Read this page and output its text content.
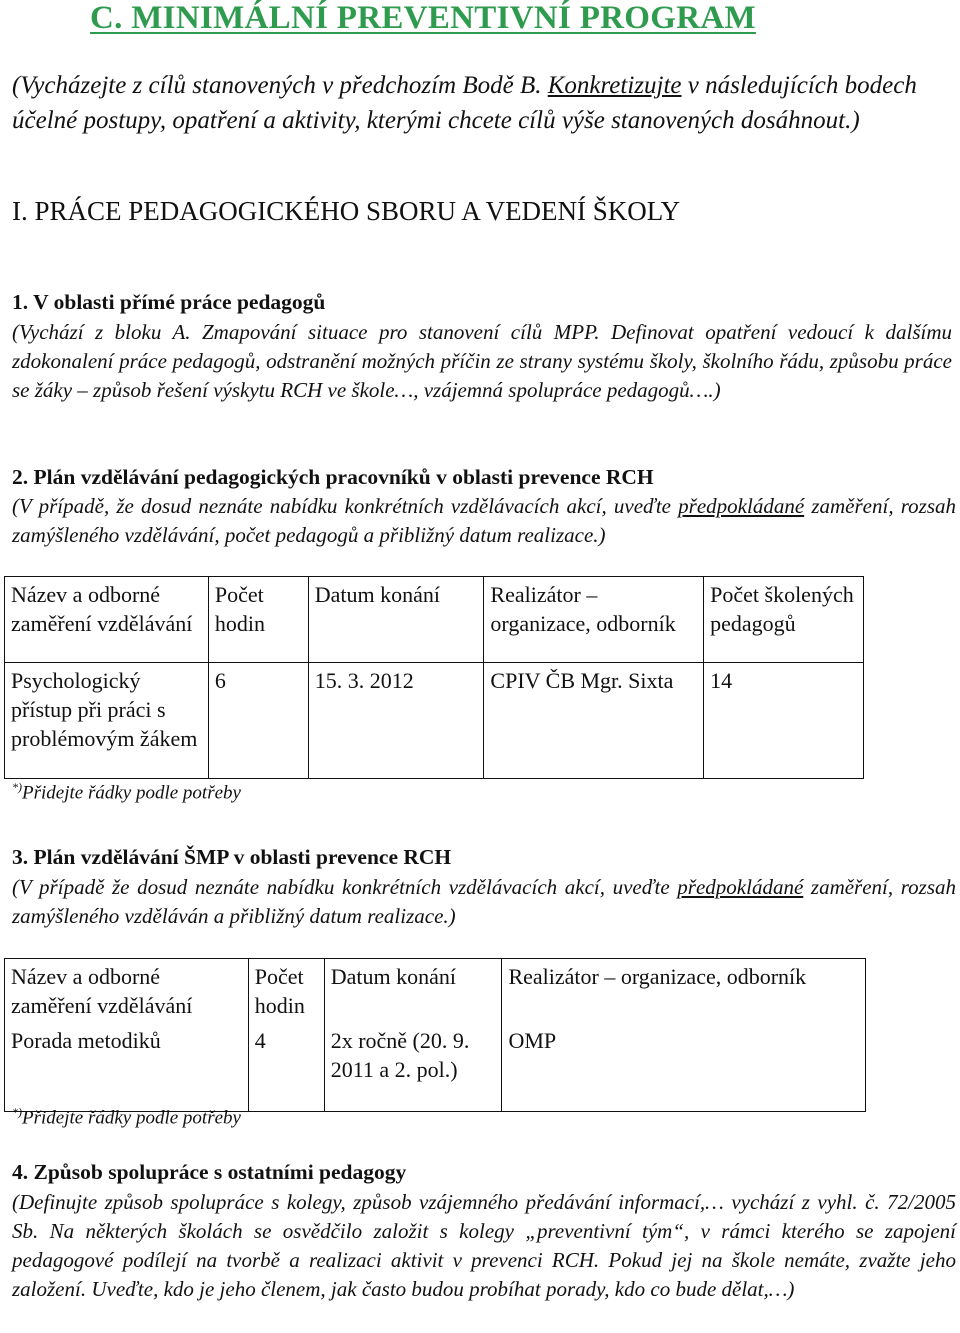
C. MINIMÁLNÍ PREVENTIVNÍ PROGRAM

(Vycházejte z cílů stanovených v předchozím Bodě B. Konkretizujte v následujících bodech účelné postupy, opatření a aktivity, kterými chcete cílů výše stanovených dosáhnout.)

I. PRÁCE PEDAGOGICKÉHO SBORU A VEDENÍ ŠKOLY
1. V oblasti přímé práce pedagogů

(Vychází z bloku A. Zmapování situace pro stanovení cílů MPP. Definovat opatření vedoucí k dalšímu zdokonalení práce pedagogů, odstranění možných příčin ze strany systému školy, školního řádu, způsobu práce se žáky – způsob řešení výskytu RCH ve škole…, vzájemná spolupráce pedagogů….)

2. Plán vzdělávání pedagogických pracovníků v oblasti prevence RCH

(V případě, že dosud neznáte nabídku konkrétních vzdělávacích akcí, uveďte předpokládané zaměření, rozsah zamýšleného vzdělávání, počet pedagogů a přibližný datum realizace.)

Název a odborné zaměření vzdělávání	Počet hodin	Datum konání	Realizátor – organizace, odborník	Počet školených pedagogů
Psychologický přístup při práci s problémovým žákem	6	15. 3. 2012	CPIV ČB Mgr. Sixta	14
*)Přidejte řádky podle potřeby
3. Plán vzdělávání ŠMP v oblasti prevence RCH

(V případě že dosud neznáte nabídku konkrétních vzdělávacích akcí, uveďte předpokládané zaměření, rozsah zamýšleného vzděláván a přibližný datum realizace.)

Název a odborné zaměření vzdělávání	Počet hodin	Datum konání	Realizátor – organizace, odborník
Porada metodiků	4	2x ročně (20. 9. 2011 a 2. pol.)	OMP
*)Přidejte řádky podle potřeby
4. Způsob spolupráce s ostatními pedagogy

(Definujte způsob spolupráce s kolegy, způsob vzájemného předávání informací,… vychází z vyhl. č. 72/2005 Sb. Na některých školách se osvědčilo založit s kolegy „preventivní tým“, v rámci kterého se zapojení pedagogové podílejí na tvorbě a realizaci aktivit v prevenci RCH. Pokud jej na škole nemáte, zvažte jeho založení. Uveďte, kdo je jeho členem, jak často budou probíhat porady, kdo co bude dělat,…)
